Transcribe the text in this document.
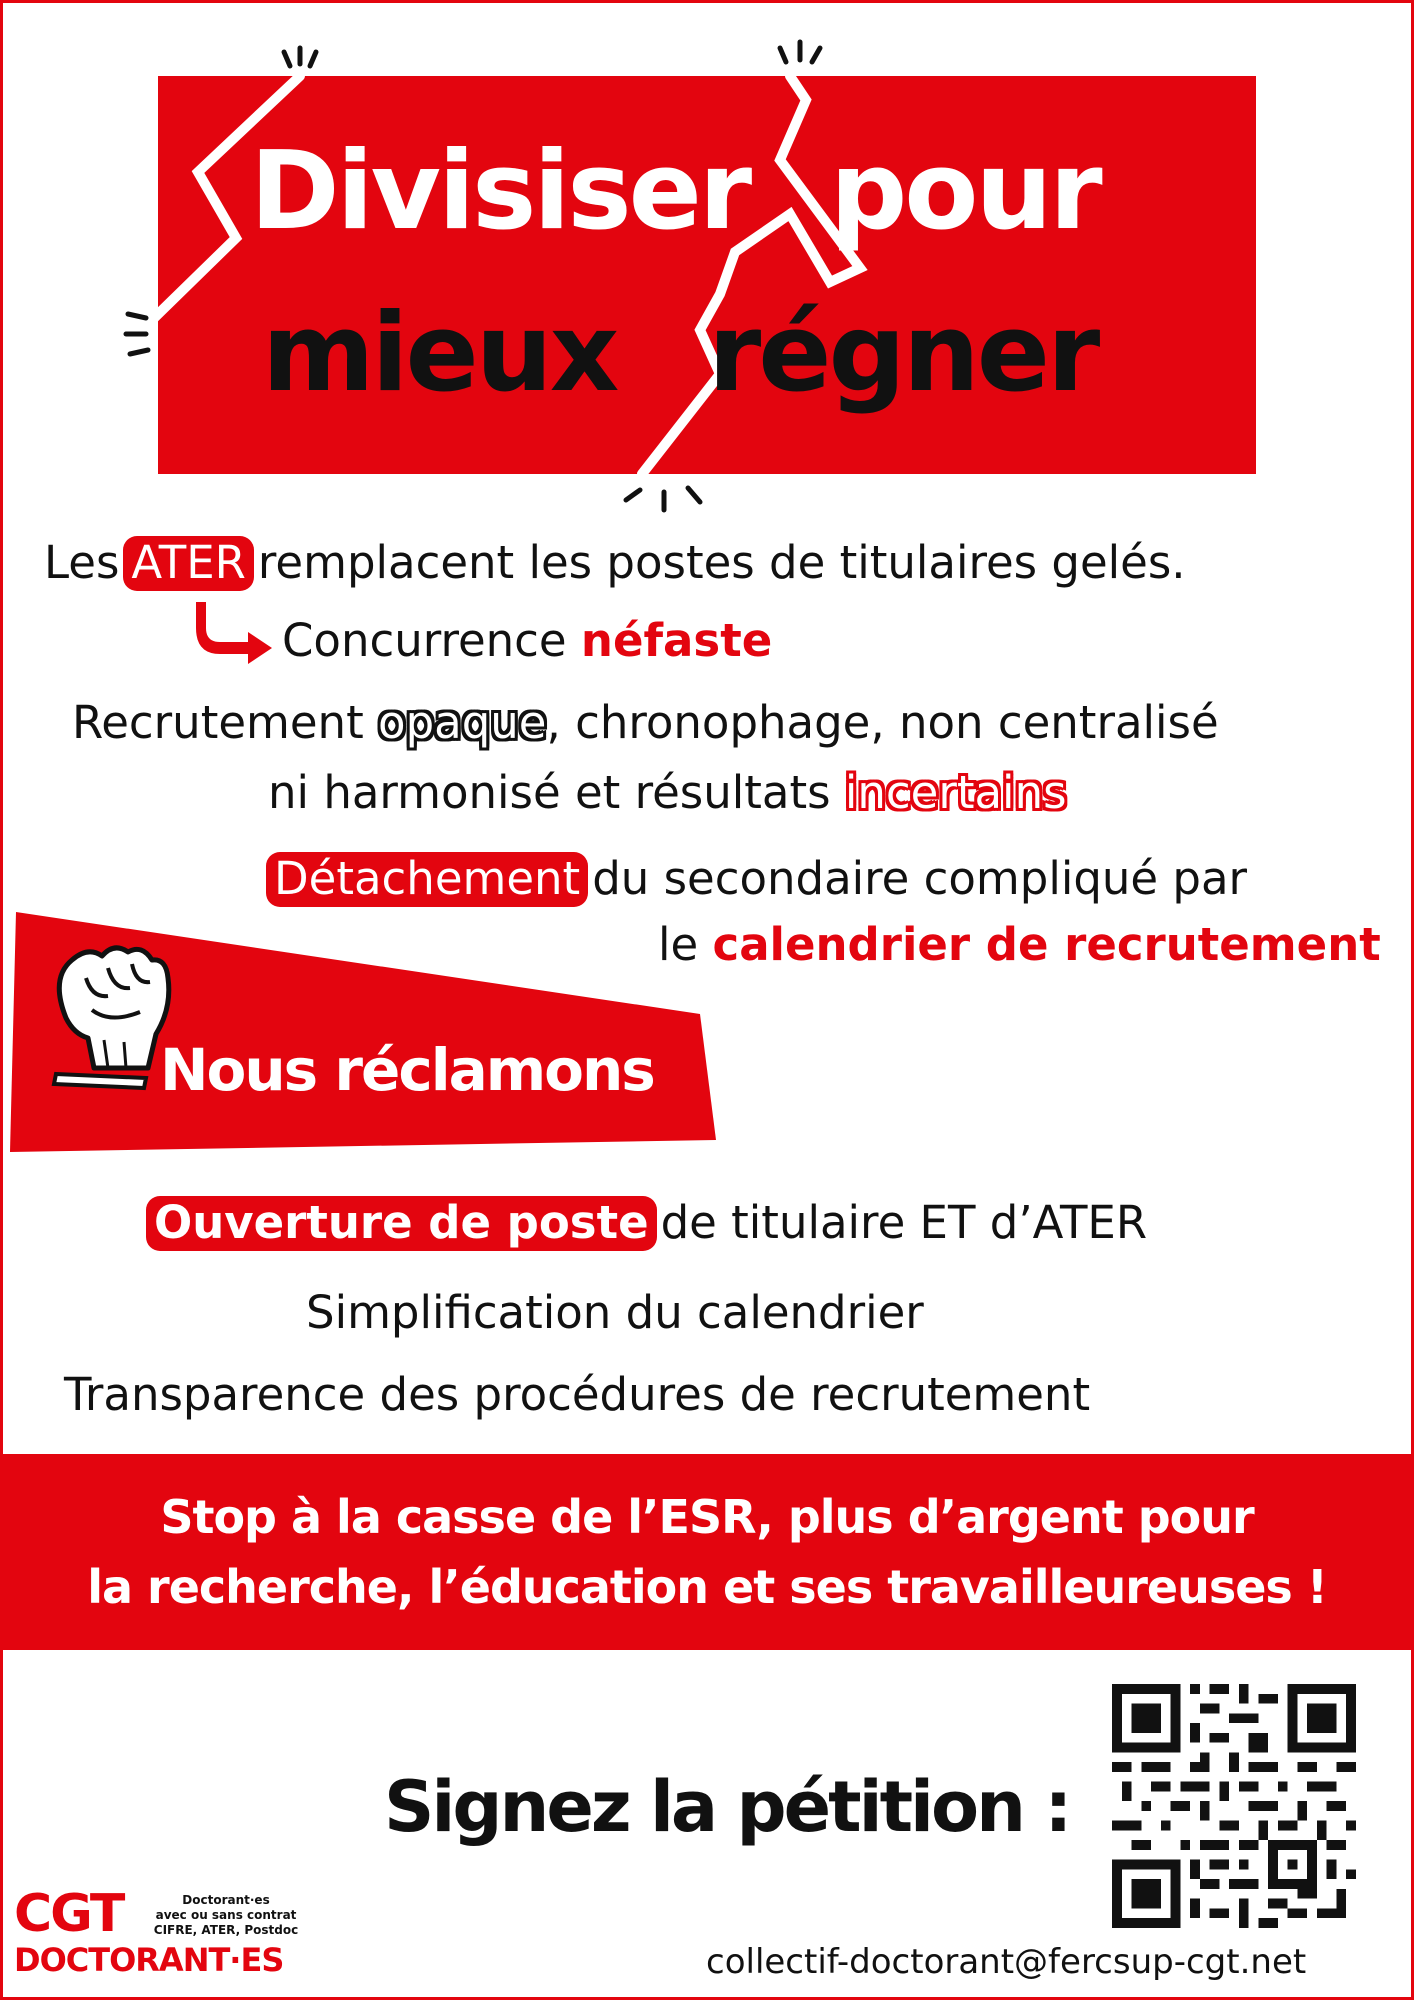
Divisiser pour
mieux régner
Les ATER remplacent les postes de titulaires gelés.
Concurrence néfaste
Recrutement opaque, chronophage, non centralisé
ni harmonisé et résultats incertains
Détachement du secondaire compliqué par
le calendrier de recrutement
Nous réclamons
Ouverture de poste de titulaire ET d’ATER
Simplification du calendrier
Transparence des procédures de recrutement
Stop à la casse de l’ESR, plus d’argent pour
la recherche, l’éducation et ses travailleureuses !
Signez la pétition :
collectif-doctorant@fercsup-cgt.net
CGT
DOCTORANT·ES
Doctorant·es
avec ou sans contrat
CIFRE, ATER, Postdoc
